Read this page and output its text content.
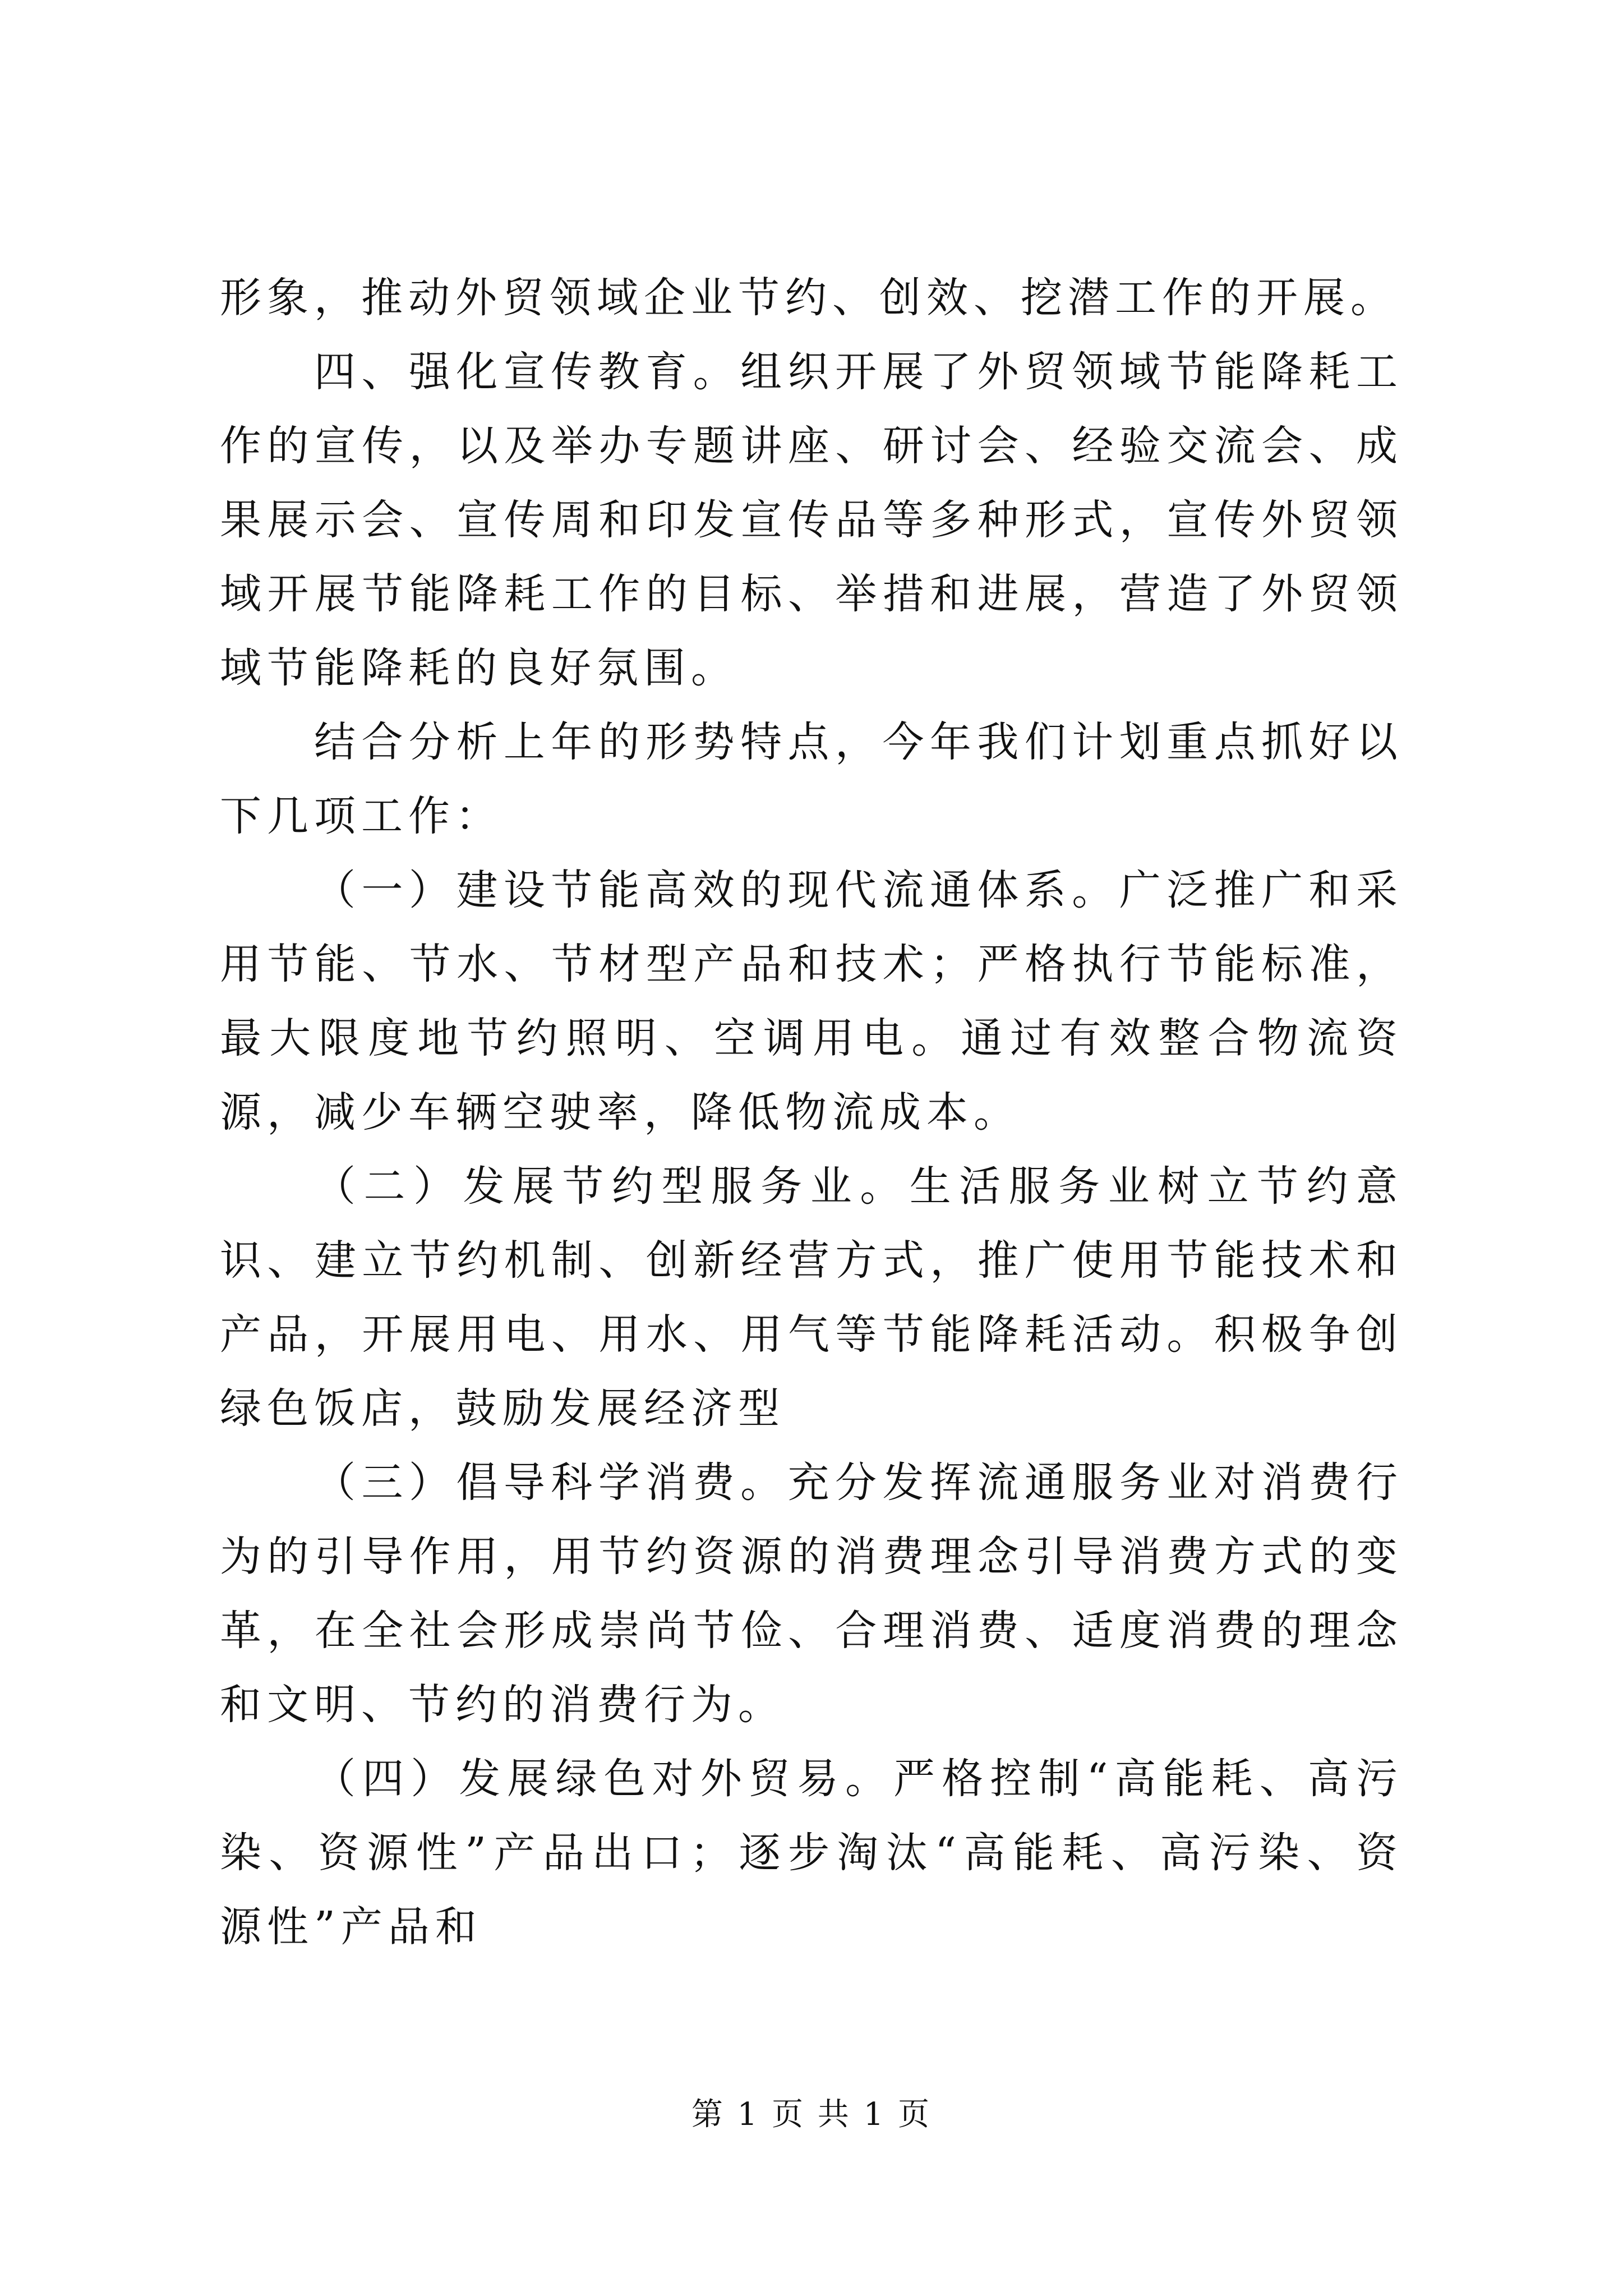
形象，推动外贸领域企业节约、创效、挖潜工作的开展。

四、强化宣传教育。组织开展了外贸领域节能降耗工作的宣传，以及举办专题讲座、研讨会、经验交流会、成果展示会、宣传周和印发宣传品等多种形式，宣传外贸领域开展节能降耗工作的目标、举措和进展，营造了外贸领域节能降耗的良好氛围。

结合分析上年的形势特点，今年我们计划重点抓好以下几项工作：

（一）建设节能高效的现代流通体系。广泛推广和采用节能、节水、节材型产品和技术；严格执行节能标准，最大限度地节约照明、空调用电。通过有效整合物流资源，减少车辆空驶率，降低物流成本。

（二）发展节约型服务业。生活服务业树立节约意识、建立节约机制、创新经营方式，推广使用节能技术和产品，开展用电、用水、用气等节能降耗活动。积极争创绿色饭店，鼓励发展经济型

（三）倡导科学消费。充分发挥流通服务业对消费行为的引导作用，用节约资源的消费理念引导消费方式的变革，在全社会形成崇尚节俭、合理消费、适度消费的理念和文明、节约的消费行为。

（四）发展绿色对外贸易。严格控制“高能耗、高污染、资源性”产品出口；逐步淘汰“高能耗、高污染、资源性”产品和

第 1 页 共 1 页
